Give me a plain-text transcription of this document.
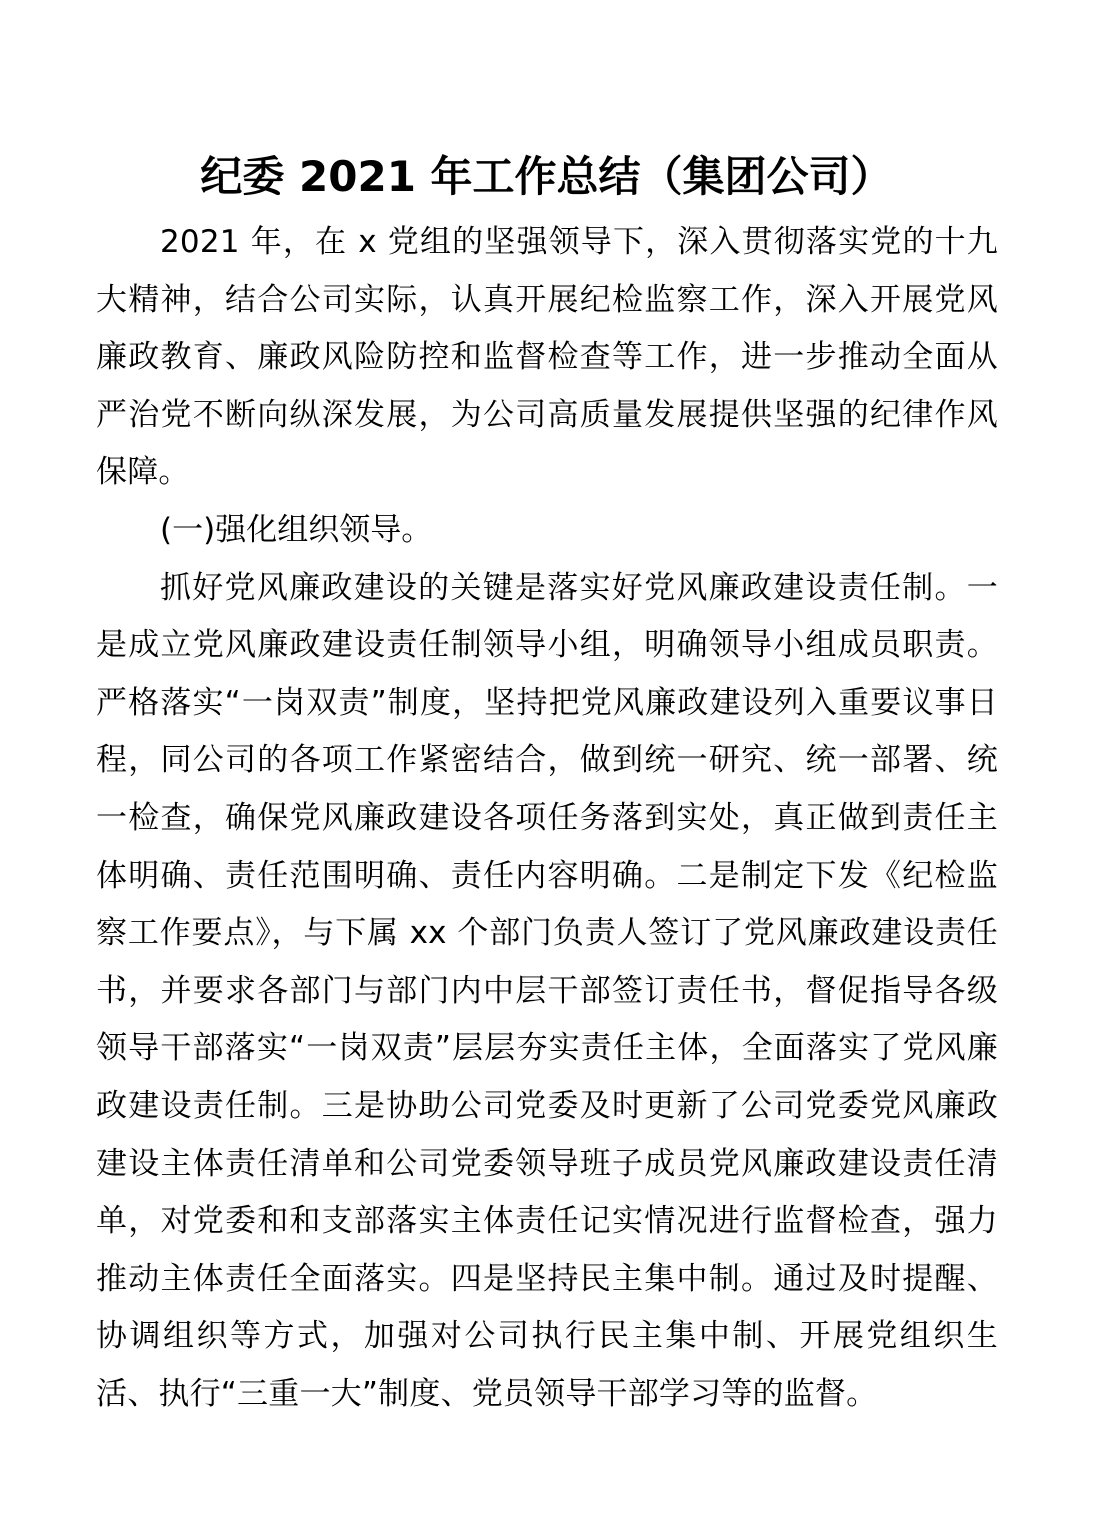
纪委 2021 年工作总结（集团公司）

2021 年，在 x 党组的坚强领导下，深入贯彻落实党的十九大精神，结合公司实际，认真开展纪检监察工作，深入开展党风廉政教育、廉政风险防控和监督检查等工作，进一步推动全面从严治党不断向纵深发展，为公司高质量发展提供坚强的纪律作风保障。

(一)强化组织领导。

抓好党风廉政建设的关键是落实好党风廉政建设责任制。一是成立党风廉政建设责任制领导小组，明确领导小组成员职责。严格落实“一岗双责”制度，坚持把党风廉政建设列入重要议事日程，同公司的各项工作紧密结合，做到统一研究、统一部署、统一检查，确保党风廉政建设各项任务落到实处，真正做到责任主体明确、责任范围明确、责任内容明确。二是制定下发《纪检监察工作要点》，与下属 xx 个部门负责人签订了党风廉政建设责任书，并要求各部门与部门内中层干部签订责任书，督促指导各级领导干部落实“一岗双责”层层夯实责任主体，全面落实了党风廉政建设责任制。三是协助公司党委及时更新了公司党委党风廉政建设主体责任清单和公司党委领导班子成员党风廉政建设责任清单，对党委和和支部落实主体责任记实情况进行监督检查，强力推动主体责任全面落实。四是坚持民主集中制。通过及时提醒、协调组织等方式，加强对公司执行民主集中制、开展党组织生活、执行“三重一大”制度、党员领导干部学习等的监督。
